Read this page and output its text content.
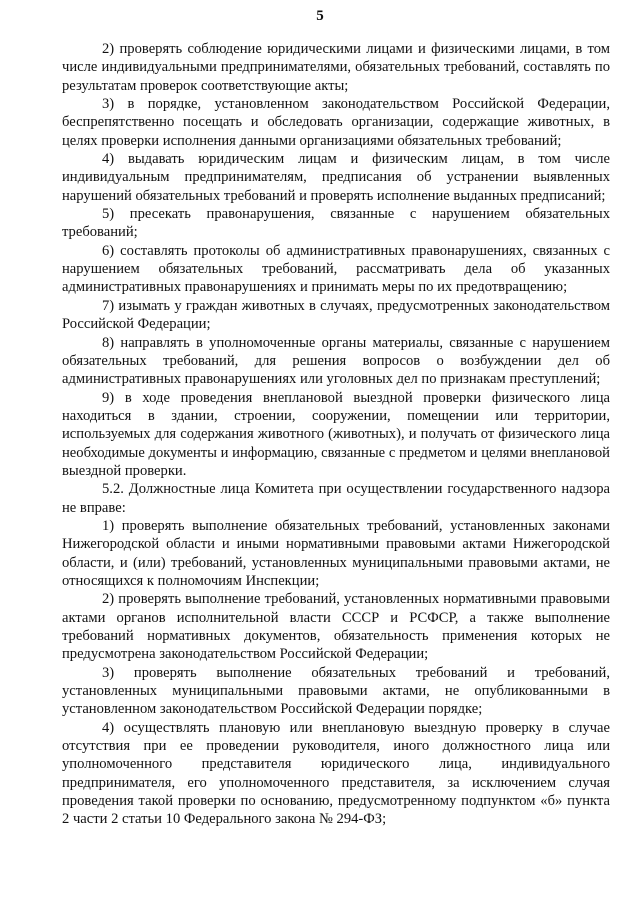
5

2) проверять соблюдение юридическими лицами и физическими лицами, в том числе индивидуальными предпринимателями, обязательных требований, составлять по результатам проверок соответствующие акты;

3) в порядке, установленном законодательством Российской Федерации, беспрепятственно посещать и обследовать организации, содержащие животных, в целях проверки исполнения данными организациями обязательных требований;

4) выдавать юридическим лицам и физическим лицам, в том числе индивидуальным предпринимателям, предписания об устранении выявленных нарушений обязательных требований и проверять исполнение выданных предписаний;

5) пресекать правонарушения, связанные с нарушением обязательных требований;

6) составлять протоколы об административных правонарушениях, связанных с нарушением обязательных требований, рассматривать дела об указанных административных правонарушениях и принимать меры по их предотвращению;

7) изымать у граждан животных в случаях, предусмотренных законодательством Российской Федерации;

8) направлять в уполномоченные органы материалы, связанные с нарушением обязательных требований, для решения вопросов о возбуждении дел об административных правонарушениях или уголовных дел по признакам преступлений;

9) в ходе проведения внеплановой выездной проверки физического лица находиться в здании, строении, сооружении, помещении или территории, используемых для содержания животного (животных), и получать от физического лица необходимые документы и информацию, связанные с предметом и целями внеплановой выездной проверки.

5.2. Должностные лица Комитета при осуществлении государственного надзора не вправе:

1) проверять выполнение обязательных требований, установленных законами Нижегородской области и иными нормативными правовыми актами Нижегородской области, и (или) требований, установленных муниципальными правовыми актами, не относящихся к полномочиям Инспекции;

2) проверять выполнение требований, установленных нормативными правовыми актами органов исполнительной власти СССР и РСФСР, а также выполнение требований нормативных документов, обязательность применения которых не предусмотрена законодательством Российской Федерации;

3) проверять выполнение обязательных требований и требований, установленных муниципальными правовыми актами, не опубликованными в установленном законодательством Российской Федерации порядке;

4) осуществлять плановую или внеплановую выездную проверку в случае отсутствия при ее проведении руководителя, иного должностного лица или уполномоченного представителя юридического лица, индивидуального предпринимателя, его уполномоченного представителя, за исключением случая проведения такой проверки по основанию, предусмотренному подпунктом «б» пункта 2 части 2 статьи 10 Федерального закона № 294-ФЗ;
